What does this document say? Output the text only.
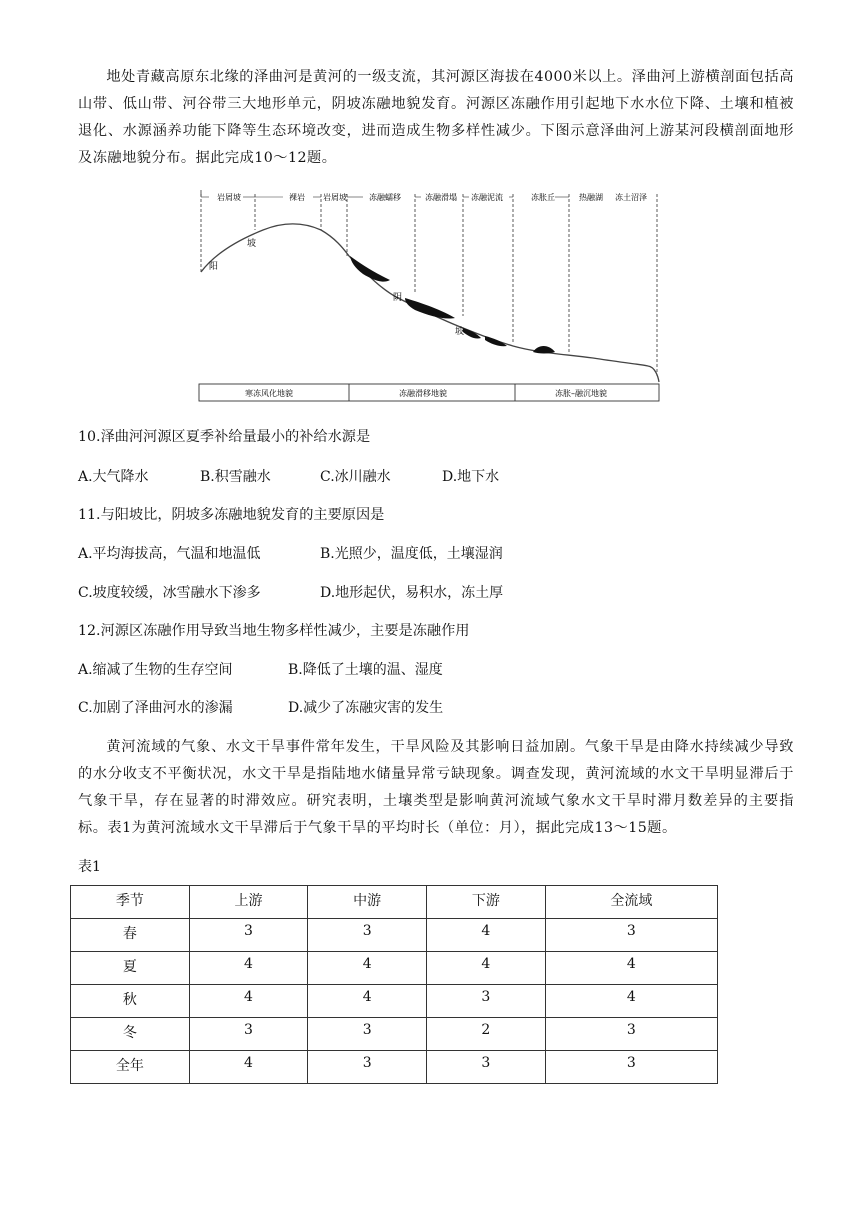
地处青藏高原东北缘的泽曲河是黄河的一级支流，其河源区海拔在4000米以上。泽曲河上游横剖面包括高山带、低山带、河谷带三大地形单元，阴坡冻融地貌发育。河源区冻融作用引起地下水水位下降、土壤和植被退化、水源涵养功能下降等生态环境改变，进而造成生物多样性减少。下图示意泽曲河上游某河段横剖面地形及冻融地貌分布。据此完成10～12题。

岩屑坡	裸岩 岩屑坡	冻融蠕移	冻融滑塌 冻融泥流	冻胀丘	热融湖 冻土沼泽
阳
坡
阴
坡
寒冻风化地貌	冻融滑移地貌	冻胀–融沉地貌

10.泽曲河河源区夏季补给量最小的补给水源是

A.大气降水	B.积雪融水	C.冰川融水	D.地下水

11.与阳坡比，阴坡多冻融地貌发育的主要原因是

A.平均海拔高，气温和地温低	B.光照少，温度低，土壤湿润
C.坡度较缓，冰雪融水下渗多	D.地形起伏，易积水，冻土厚

12.河源区冻融作用导致当地生物多样性减少，主要是冻融作用

A.缩减了生物的生存空间	B.降低了土壤的温、湿度
C.加剧了泽曲河水的渗漏	D.减少了冻融灾害的发生

黄河流域的气象、水文干旱事件常年发生，干旱风险及其影响日益加剧。气象干旱是由降水持续减少导致的水分收支不平衡状况，水文干旱是指陆地水储量异常亏缺现象。调查发现，黄河流域的水文干旱明显滞后于气象干旱，存在显著的时滞效应。研究表明，土壤类型是影响黄河流域气象水文干旱时滞月数差异的主要指标。表1为黄河流域水文干旱滞后于气象干旱的平均时长（单位：月），据此完成13～15题。

表1
季节	上游	中游	下游	全流域
春	3	3	4	3
夏	4	4	4	4
秋	4	4	3	4
冬	3	3	2	3
全年	4	3	3	3
